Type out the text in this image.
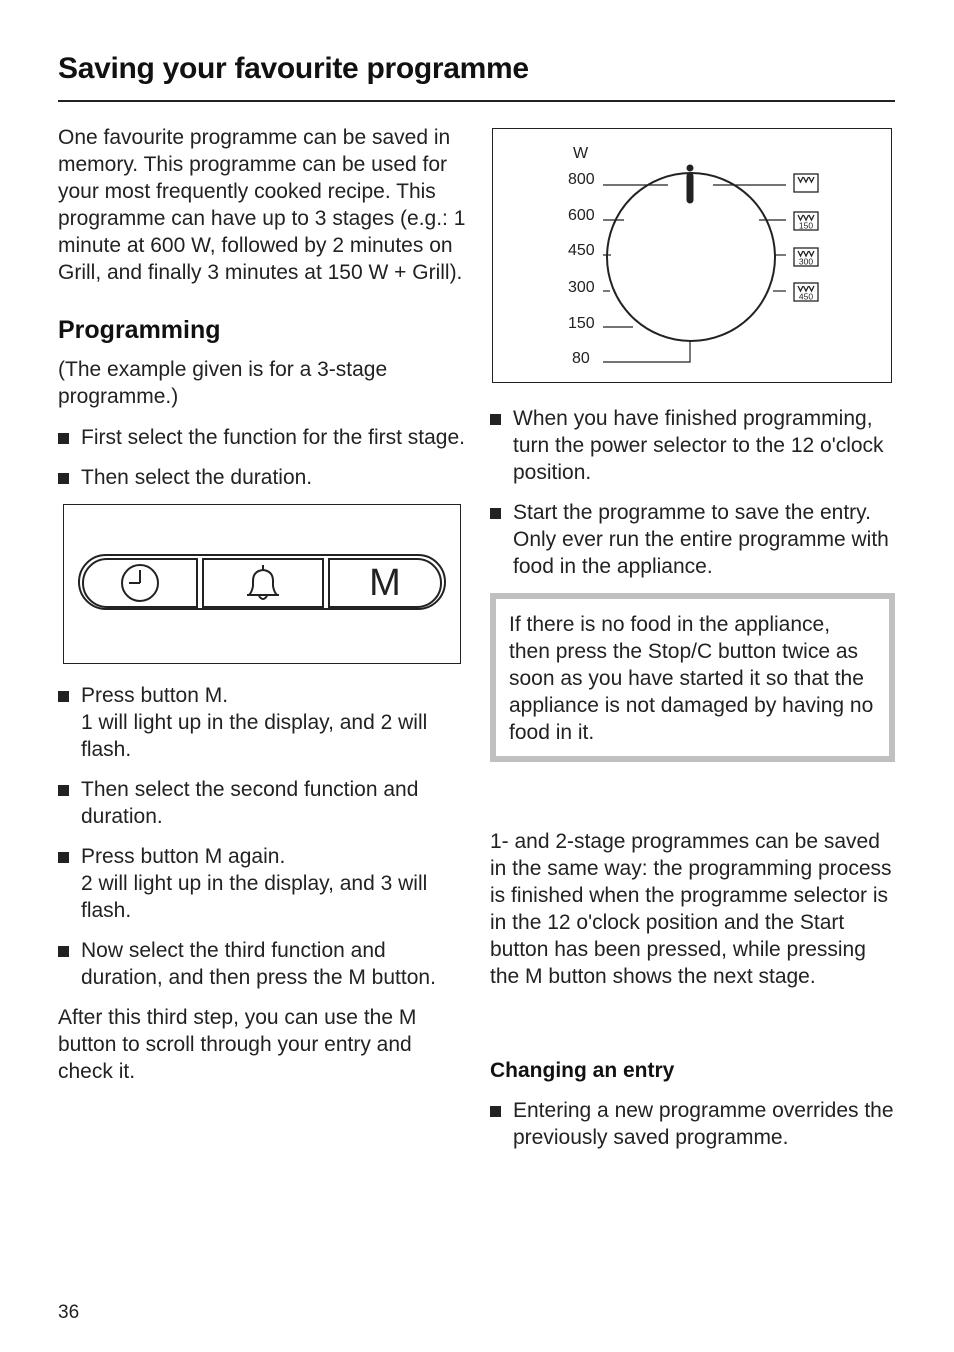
Saving your favourite programme

One favourite programme can be saved in memory. This programme can be used for your most frequently cooked recipe. This programme can have up to 3 stages (e.g.: 1 minute at 600 W, followed by 2 minutes on Grill, and finally 3 minutes at 150 W + Grill).

Programming

(The example given is for a 3-stage programme.)

First select the function for the first stage.
Then select the duration.
M
Press button M.
1 will light up in the display, and 2 will flash.
Then select the second function and duration.
Press button M again.
2 will light up in the display, and 3 will flash.
Now select the third function and duration, and then press the M button.

After this third step, you can use the M button to scroll through your entry and check it.

W
800
600
450
300
150
80
150
300
450
When you have finished programming, turn the power selector to the 12 o'clock position.
Start the programme to save the entry. Only ever run the entire programme with food in the appliance.
If there is no food in the appliance, then press the Stop/C button twice as soon as you have started it so that the appliance is not damaged by having no food in it.

1- and 2-stage programmes can be saved in the same way: the programming process is finished when the programme selector is in the 12 o'clock position and the Start button has been pressed, while pressing the M button shows the next stage.

Changing an entry
Entering a new programme overrides the previously saved programme.
36
